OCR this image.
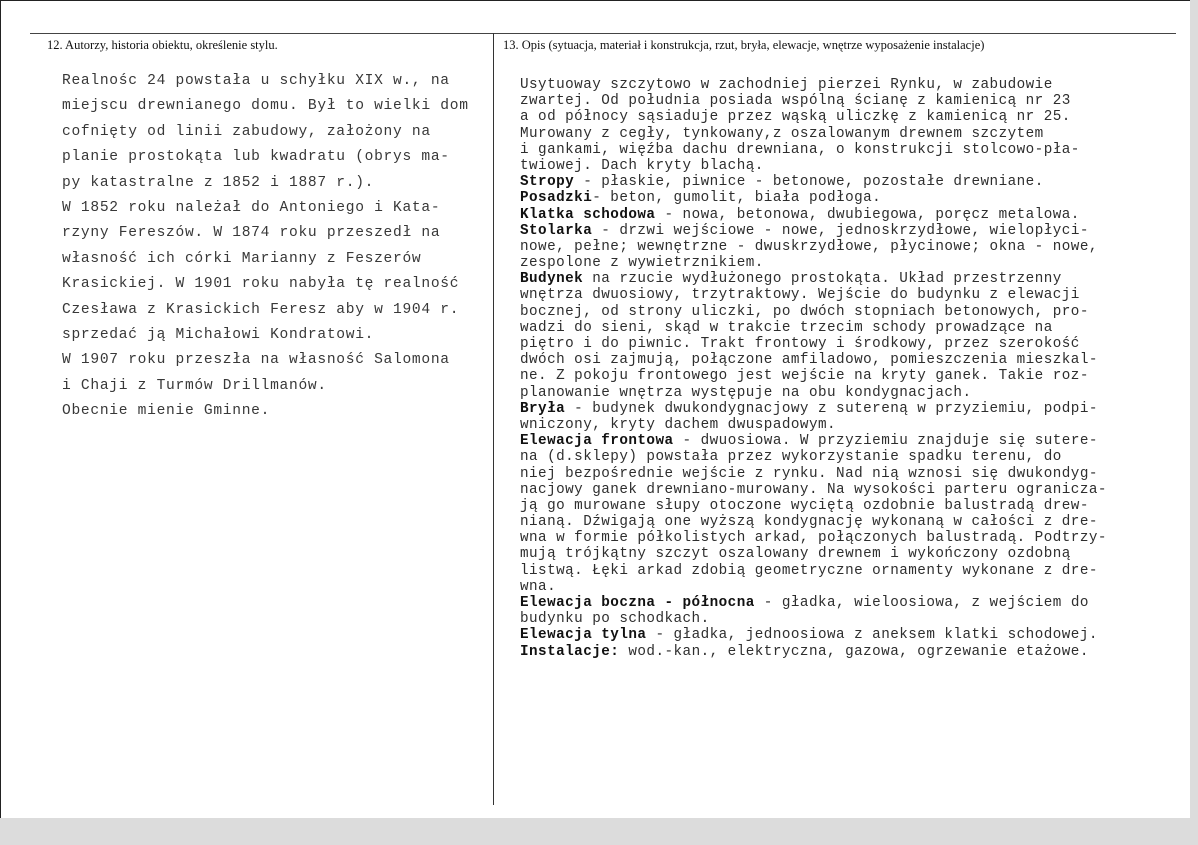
12. Autorzy, historia obiektu, określenie stylu.	13. Opis (sytuacja, materiał i konstrukcja, rzut, bryła, elewacje, wnętrze wyposażenie instalacje)
Realnośc 24 powstała u schyłku XIX w., na
miejscu drewnianego domu. Był to wielki dom
cofnięty od linii zabudowy, założony na
planie prostokąta lub kwadratu (obrys ma-
py katastralne z 1852 i 1887 r.).
W 1852 roku należał do Antoniego i Kata-
rzyny Fereszów. W 1874 roku przeszedł na
własność ich córki Marianny z Feszerów
Krasickiej. W 1901 roku nabyła tę realność
Czesława z Krasickich Feresz aby w 1904 r.
sprzedać ją Michałowi Kondratowi.
W 1907 roku przeszła na własność Salomona
i Chaji z Turmów Drillmanów.
Obecnie mienie Gminne.
Usytuoway szczytowo w zachodniej pierzei Rynku, w zabudowie
zwartej. Od południa posiada wspólną ścianę z kamienicą nr 23
a od północy sąsiaduje przez wąską uliczkę z kamienicą nr 25.
Murowany z cegły, tynkowany,z oszalowanym drewnem szczytem
i gankami, więźba dachu drewniana, o konstrukcji stolcowo-pła-
twiowej. Dach kryty blachą.
Stropy - płaskie, piwnice - betonowe, pozostałe drewniane.
Posadzki- beton, gumolit, biała podłoga.
Klatka schodowa - nowa, betonowa, dwubiegowa, poręcz metalowa.
Stolarka - drzwi wejściowe - nowe, jednoskrzydłowe, wielopłyci-
nowe, pełne; wewnętrzne - dwuskrzydłowe, płycinowe; okna - nowe,
zespolone z wywietrznikiem.
Budynek na rzucie wydłużonego prostokąta. Układ przestrzenny
wnętrza dwuosiowy, trzytraktowy. Wejście do budynku z elewacji
bocznej, od strony uliczki, po dwóch stopniach betonowych, pro-
wadzi do sieni, skąd w trakcie trzecim schody prowadzące na
piętro i do piwnic. Trakt frontowy i środkowy, przez szerokość
dwóch osi zajmują, połączone amfiladowo, pomieszczenia mieszkal-
ne. Z pokoju frontowego jest wejście na kryty ganek. Takie roz-
planowanie wnętrza występuje na obu kondygnacjach.
Bryła - budynek dwukondygnacjowy z sutereną w przyziemiu, podpi-
wniczony, kryty dachem dwuspadowym.
Elewacja frontowa - dwuosiowa. W przyziemiu znajduje się sutere-
na (d.sklepy) powstała przez wykorzystanie spadku terenu, do
niej bezpośrednie wejście z rynku. Nad nią wznosi się dwukondyg-
nacjowy ganek drewniano-murowany. Na wysokości parteru ogranicza-
ją go murowane słupy otoczone wyciętą ozdobnie balustradą drew-
nianą. Dźwigają one wyższą kondygnację wykonaną w całości z dre-
wna w formie półkolistych arkad, połączonych balustradą. Podtrzy-
mują trójkątny szczyt oszalowany drewnem i wykończony ozdobną
listwą. Łęki arkad zdobią geometryczne ornamenty wykonane z dre-
wna.
Elewacja boczna - północna - gładka, wieloosiowa, z wejściem do
budynku po schodkach.
Elewacja tylna - gładka, jednoosiowa z aneksem klatki schodowej.
Instalacje: wod.-kan., elektryczna, gazowa, ogrzewanie etażowe.
